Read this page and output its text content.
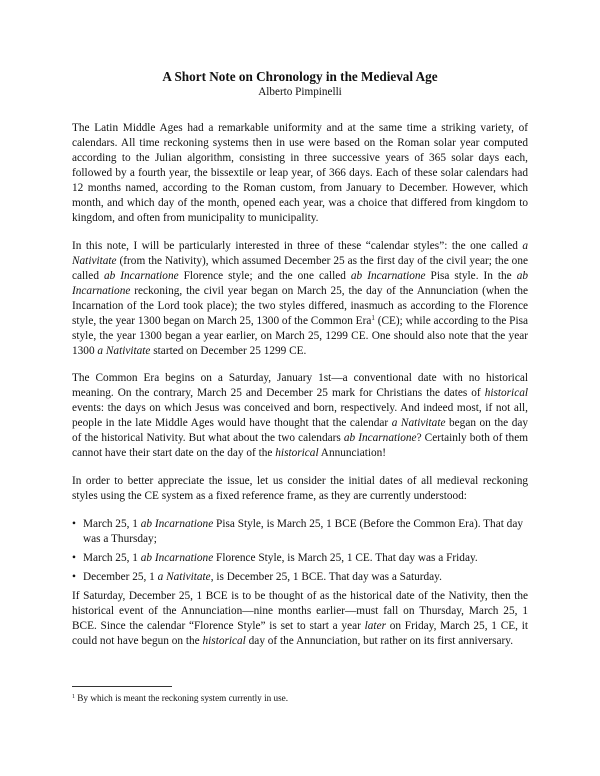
A Short Note on Chronology in the Medieval Age
Alberto Pimpinelli

The Latin Middle Ages had a remarkable uniformity and at the same time a striking variety, of calendars. All time reckoning systems then in use were based on the Roman solar year computed according to the Julian algorithm, consisting in three successive years of 365 solar days each, followed by a fourth year, the bissextile or leap year, of 366 days. Each of these solar calendars had 12 months named, according to the Roman custom, from January to December. However, which month, and which day of the month, opened each year, was a choice that differed from kingdom to kingdom, and often from municipality to municipality.

In this note, I will be particularly interested in three of these “calendar styles”: the one called a Nativitate (from the Nativity), which assumed December 25 as the first day of the civil year; the one called ab Incarnatione Florence style; and the one called ab Incarnatione Pisa style. In the ab Incarnatione reckoning, the civil year began on March 25, the day of the Annunciation (when the Incarnation of the Lord took place); the two styles differed, inasmuch as according to the Florence style, the year 1300 began on March 25, 1300 of the Common Era$^1$ (CE); while according to the Pisa style, the year 1300 began a year earlier, on March 25, 1299 CE. One should also note that the year 1300 a Nativitate started on December 25 1299 CE.

The Common Era begins on a Saturday, January 1st—a conventional date with no historical meaning. On the contrary, March 25 and December 25 mark for Christians the dates of historical events: the days on which Jesus was conceived and born, respectively. And indeed most, if not all, people in the late Middle Ages would have thought that the calendar a Nativitate began on the day of the historical Nativity. But what about the two calendars ab Incarnatione? Certainly both of them cannot have their start date on the day of the historical Annunciation!

In order to better appreciate the issue, let us consider the initial dates of all medieval reckoning styles using the CE system as a fixed reference frame, as they are currently understood:

• March 25, 1 ab Incarnatione Pisa Style, is March 25, 1 BCE (Before the Common Era). That day was a Thursday;
• March 25, 1 ab Incarnatione Florence Style, is March 25, 1 CE. That day was a Friday.
• December 25, 1 a Nativitate, is December 25, 1 BCE. That day was a Saturday.

If Saturday, December 25, 1 BCE is to be thought of as the historical date of the Nativity, then the historical event of the Annunciation—nine months earlier—must fall on Thursday, March 25, 1 BCE. Since the calendar “Florence Style” is set to start a year later on Friday, March 25, 1 CE, it could not have begun on the historical day of the Annunciation, but rather on its first anniversary.

$^1$ By which is meant the reckoning system currently in use.
